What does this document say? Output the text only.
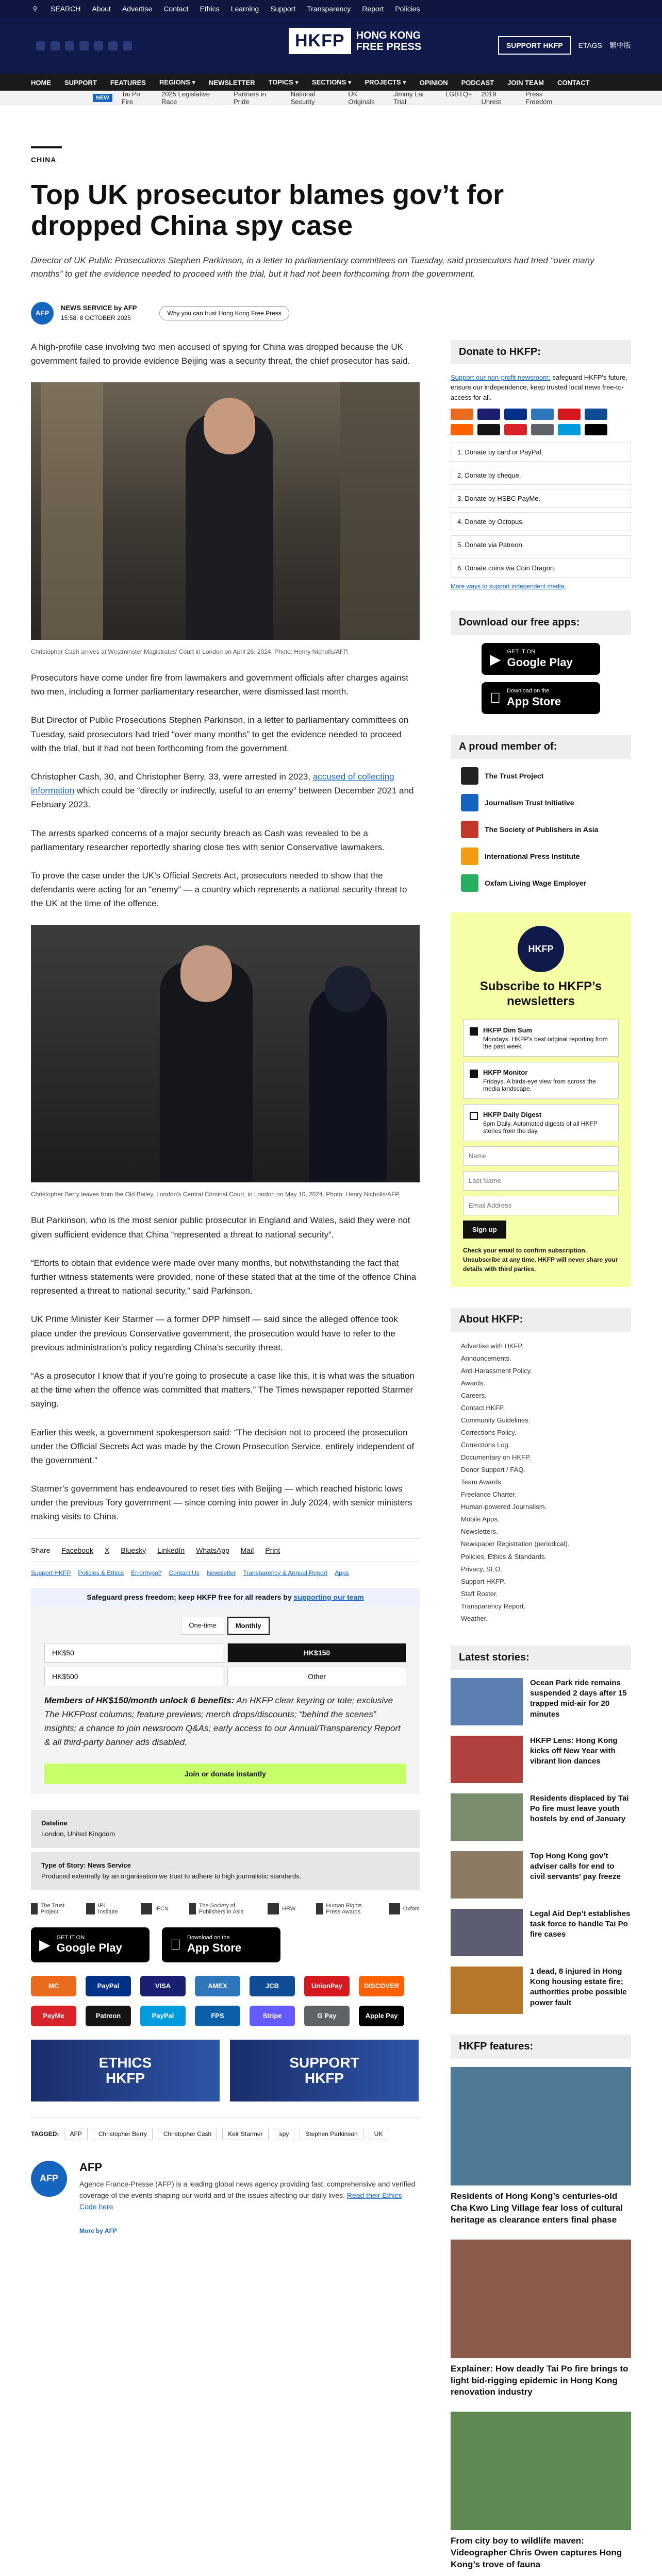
⚲ SEARCH About Advertise Contact Ethics Learning Support Transparency Report Policies
HKFP	HONG KONG
FREE PRESS	SUPPORT HKFP	ETAGS 繁中版
HOME SUPPORT FEATURES REGIONS ▾ NEWSLETTER TOPICS ▾ SECTIONS ▾ PROJECTS ▾ OPINION PODCAST JOIN TEAM CONTACT
NEW	Tai Po Fire
2025 Legislative Race
Partners in Pride
National Security
UK Originals
Jimmy Lai Trial
LGBTQ+ 2019 Unrest
Press Freedom
CHINA
Top UK prosecutor blames gov’t for dropped China spy case

Director of UK Public Prosecutions Stephen Parkinson, in a letter to parliamentary committees on Tuesday, said prosecutors had tried “over many months” to get the evidence needed to proceed with the trial, but it had not been forthcoming from the government.

AFP
NEWS SERVICE by AFP
15:58, 8 OCTOBER 2025
Why you can trust Hong Kong Free Press

A high-profile case involving two men accused of spying for China was dropped because the UK government failed to provide evidence Beijing was a security threat, the chief prosecutor has said.

Christopher Cash arrives at Westminster Magistrates' Court in London on April 26, 2024. Photo: Henry Nicholls/AFP.

Prosecutors have come under fire from lawmakers and government officials after charges against two men, including a former parliamentary researcher, were dismissed last month.

But Director of Public Prosecutions Stephen Parkinson, in a letter to parliamentary committees on Tuesday, said prosecutors had tried “over many months” to get the evidence needed to proceed with the trial, but it had not been forthcoming from the government.

Christopher Cash, 30, and Christopher Berry, 33, were arrested in 2023, accused of collecting information which could be “directly or indirectly, useful to an enemy” between December 2021 and February 2023.

The arrests sparked concerns of a major security breach as Cash was revealed to be a parliamentary researcher reportedly sharing close ties with senior Conservative lawmakers.

To prove the case under the UK’s Official Secrets Act, prosecutors needed to show that the defendants were acting for an “enemy” — a country which represents a national security threat to the UK at the time of the offence.

Christopher Berry leaves from the Old Bailey, London's Central Criminal Court, in London on May 10, 2024. Photo: Henry Nicholls/AFP.

But Parkinson, who is the most senior public prosecutor in England and Wales, said they were not given sufficient evidence that China “represented a threat to national security”.

“Efforts to obtain that evidence were made over many months, but notwithstanding the fact that further witness statements were provided, none of these stated that at the time of the offence China represented a threat to national security,” said Parkinson.

UK Prime Minister Keir Starmer — a former DPP himself — said since the alleged offence took place under the previous Conservative government, the prosecution would have to refer to the previous administration’s policy regarding China’s security threat.

“As a prosecutor I know that if you’re going to prosecute a case like this, it is what was the situation at the time when the offence was committed that matters,” The Times newspaper reported Starmer saying.

Earlier this week, a government spokesperson said: “The decision not to proceed the prosecution under the Official Secrets Act was made by the Crown Prosecution Service, entirely independent of the government.”

Starmer’s government has endeavoured to reset ties with Beijing — which reached historic lows under the previous Tory government — since coming into power in July 2024, with senior ministers making visits to China.

Share Facebook X Bluesky LinkedIn WhatsApp Mail Print
Support HKFP Policies & Ethics Error/typo? Contact Us Newsletter Transparency & Annual Report Apps
Safeguard press freedom; keep HKFP free for all readers by supporting our team
One-time	Monthly
HK$50	HK$150
HK$500	Other

Members of HK$150/month unlock 6 benefits: An HKFP clear keyring or tote; exclusive The HKFPost columns; feature previews; merch drops/discounts; “behind the scenes” insights; a chance to join newsroom Q&As; early access to our Annual/Transparency Report & all third-party banner ads disabled.

Join or donate instantly
Dateline
London, United Kingdom
Type of Story: News Service
Produced externally by an organisation we trust to adhere to high journalistic standards.
The Trust Project
IPI Institute	IFCN	The Society of Publishers in Asia	HRW	Human Rights Press Awards	Oxfam
▶ GET IT ON
Google Play
Download on the
App Store
MC	PayPal	VISA	AMEX	JCB	UnionPay	DISCOVER
PayMe	Patreon	PayPal	FPS	Stripe	G Pay	Apple Pay
ETHICS
HKFP
SUPPORT
HKFP
TAGGED:	AFP	Christopher Berry	Christopher Cash	Keir Starmer	spy	Stephen Parkinson	UK
AFP
AFP

Agence France-Presse (AFP) is a leading global news agency providing fast, comprehensive and verified coverage of the events shaping our world and of the issues affecting our daily lives. Read their Ethics Code here

More by AFP
Donate to HKFP:

Support our non-profit newsroom: safeguard HKFP's future, ensure our independence, keep trusted local news free-to-access for all.

1. Donate by card or PayPal.
2. Donate by cheque.
3. Donate by HSBC PayMe.
4. Donate by Octopus.
5. Donate via Patreon.
6. Donate coins via Coin Dragon.
More ways to support independent media.
Download our free apps:
▶ GET IT ON
Google Play
Download on the
App Store
A proud member of:
The Trust Project
Journalism Trust Initiative
The Society of Publishers in Asia
International Press Institute
Oxfam Living Wage Employer
HKFP
Subscribe to HKFP’s newsletters
HKFP Dim Sum
Mondays. HKFP's best original reporting from the past week.
HKFP Monitor
Fridays. A birds-eye view from across the media landscape.
HKFP Daily Digest
6pm Daily. Automated digests of all HKFP stories from the day.
Name Last Name Email Address Sign up

Check your email to confirm subscription. Unsubscribe at any time. HKFP will never share your details with third parties.

About HKFP:
Advertise with HKFP.
Announcements.
Anti-Harassment Policy.
Awards.
Careers.
Contact HKFP.
Community Guidelines.
Corrections Policy.
Corrections Log.
Documentary on HKFP.
Donor Support / FAQ.
Team Awards.
Freelance Charter.
Human-powered Journalism.
Mobile Apps.
Newsletters.
Newspaper Registration (periodical).
Policies, Ethics & Standards.
Privacy, SEO.
Support HKFP.
Staff Roster.
Transparency Report.
Weather.
Latest stories:
Ocean Park ride remains suspended 2 days after 15 trapped mid-air for 20 minutes
HKFP Lens: Hong Kong kicks off New Year with vibrant lion dances
Residents displaced by Tai Po fire must leave youth hostels by end of January
Top Hong Kong gov’t adviser calls for end to civil servants’ pay freeze
Legal Aid Dep’t establishes task force to handle Tai Po fire cases
1 dead, 8 injured in Hong Kong housing estate fire; authorities probe possible power fault
HKFP features:
Residents of Hong Kong’s centuries-old Cha Kwo Ling Village fear loss of cultural heritage as clearance enters final phase
Explainer: How deadly Tai Po fire brings to light bid-rigging epidemic in Hong Kong renovation industry
From city boy to wildlife maven: Videographer Chris Owen captures Hong Kong’s trove of fauna
